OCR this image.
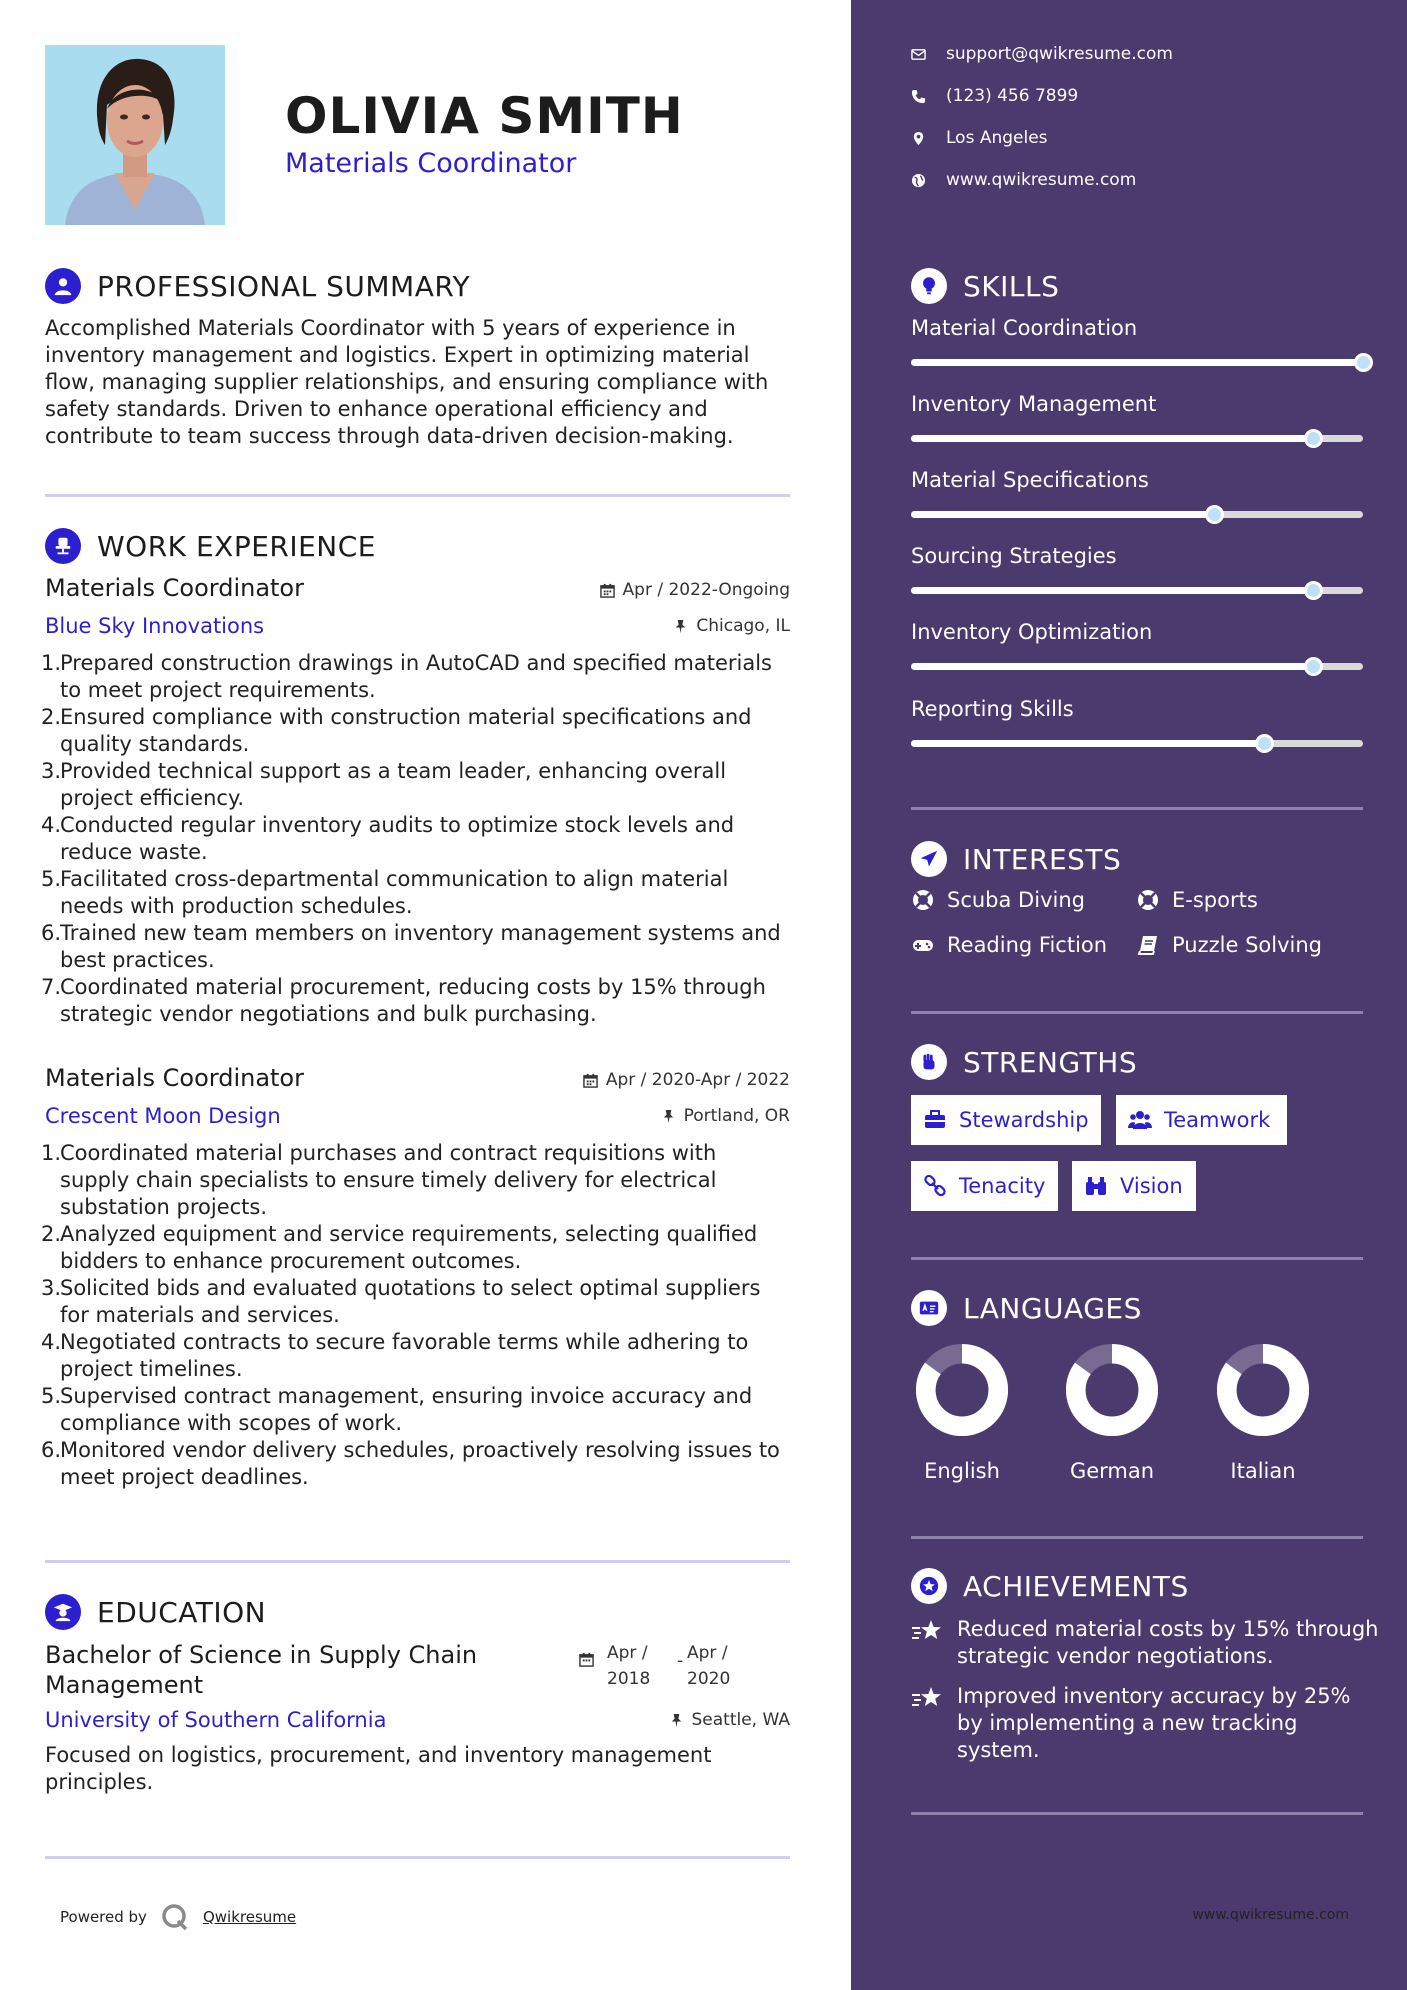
OLIVIA SMITH
Materials Coordinator
PROFESSIONAL SUMMARY
Accomplished Materials Coordinator with 5 years of experience in inventory management and logistics. Expert in optimizing material flow, managing supplier relationships, and ensuring compliance with safety standards. Driven to enhance operational efficiency and contribute to team success through data-driven decision-making.
WORK EXPERIENCE
Materials Coordinator	Apr / 2022-Ongoing
Blue Sky Innovations	Chicago, IL
1.
Prepared construction drawings in AutoCAD and specified materials to meet project requirements.
2.
Ensured compliance with construction material specifications and quality standards.
3.
Provided technical support as a team leader, enhancing overall project efficiency.
4.
Conducted regular inventory audits to optimize stock levels and reduce waste.
5.
Facilitated cross-departmental communication to align material needs with production schedules.
6.
Trained new team members on inventory management systems and best practices.
7.
Coordinated material procurement, reducing costs by 15% through strategic vendor negotiations and bulk purchasing.
Materials Coordinator	Apr / 2020-Apr / 2022
Crescent Moon Design	Portland, OR
1.
Coordinated material purchases and contract requisitions with supply chain specialists to ensure timely delivery for electrical substation projects.
2.
Analyzed equipment and service requirements, selecting qualified bidders to enhance procurement outcomes.
3.
Solicited bids and evaluated quotations to select optimal suppliers for materials and services.
4.
Negotiated contracts to secure favorable terms while adhering to project timelines.
5.
Supervised contract management, ensuring invoice accuracy and compliance with scopes of work.
6.
Monitored vendor delivery schedules, proactively resolving issues to meet project deadlines.
EDUCATION
Bachelor of Science in Supply Chain Management
Apr /
2018
- Apr /
2020
University of Southern California	Seattle, WA
Focused on logistics, procurement, and inventory management principles.
Powered by	Qwikresume
support@qwikresume.com
(123) 456 7899
Los Angeles
www.qwikresume.com
SKILLS
Material Coordination
Inventory Management
Material Specifications
Sourcing Strategies
Inventory Optimization
Reporting Skills
INTERESTS
Scuba Diving	E-sports
Reading Fiction	Puzzle Solving
STRENGTHS
Stewardship	Teamwork
Tenacity	Vision
LANGUAGES
English	German	Italian
ACHIEVEMENTS
Reduced material costs by 15% through strategic vendor negotiations.
Improved inventory accuracy by 25% by implementing a new tracking system.
www.qwikresume.com
